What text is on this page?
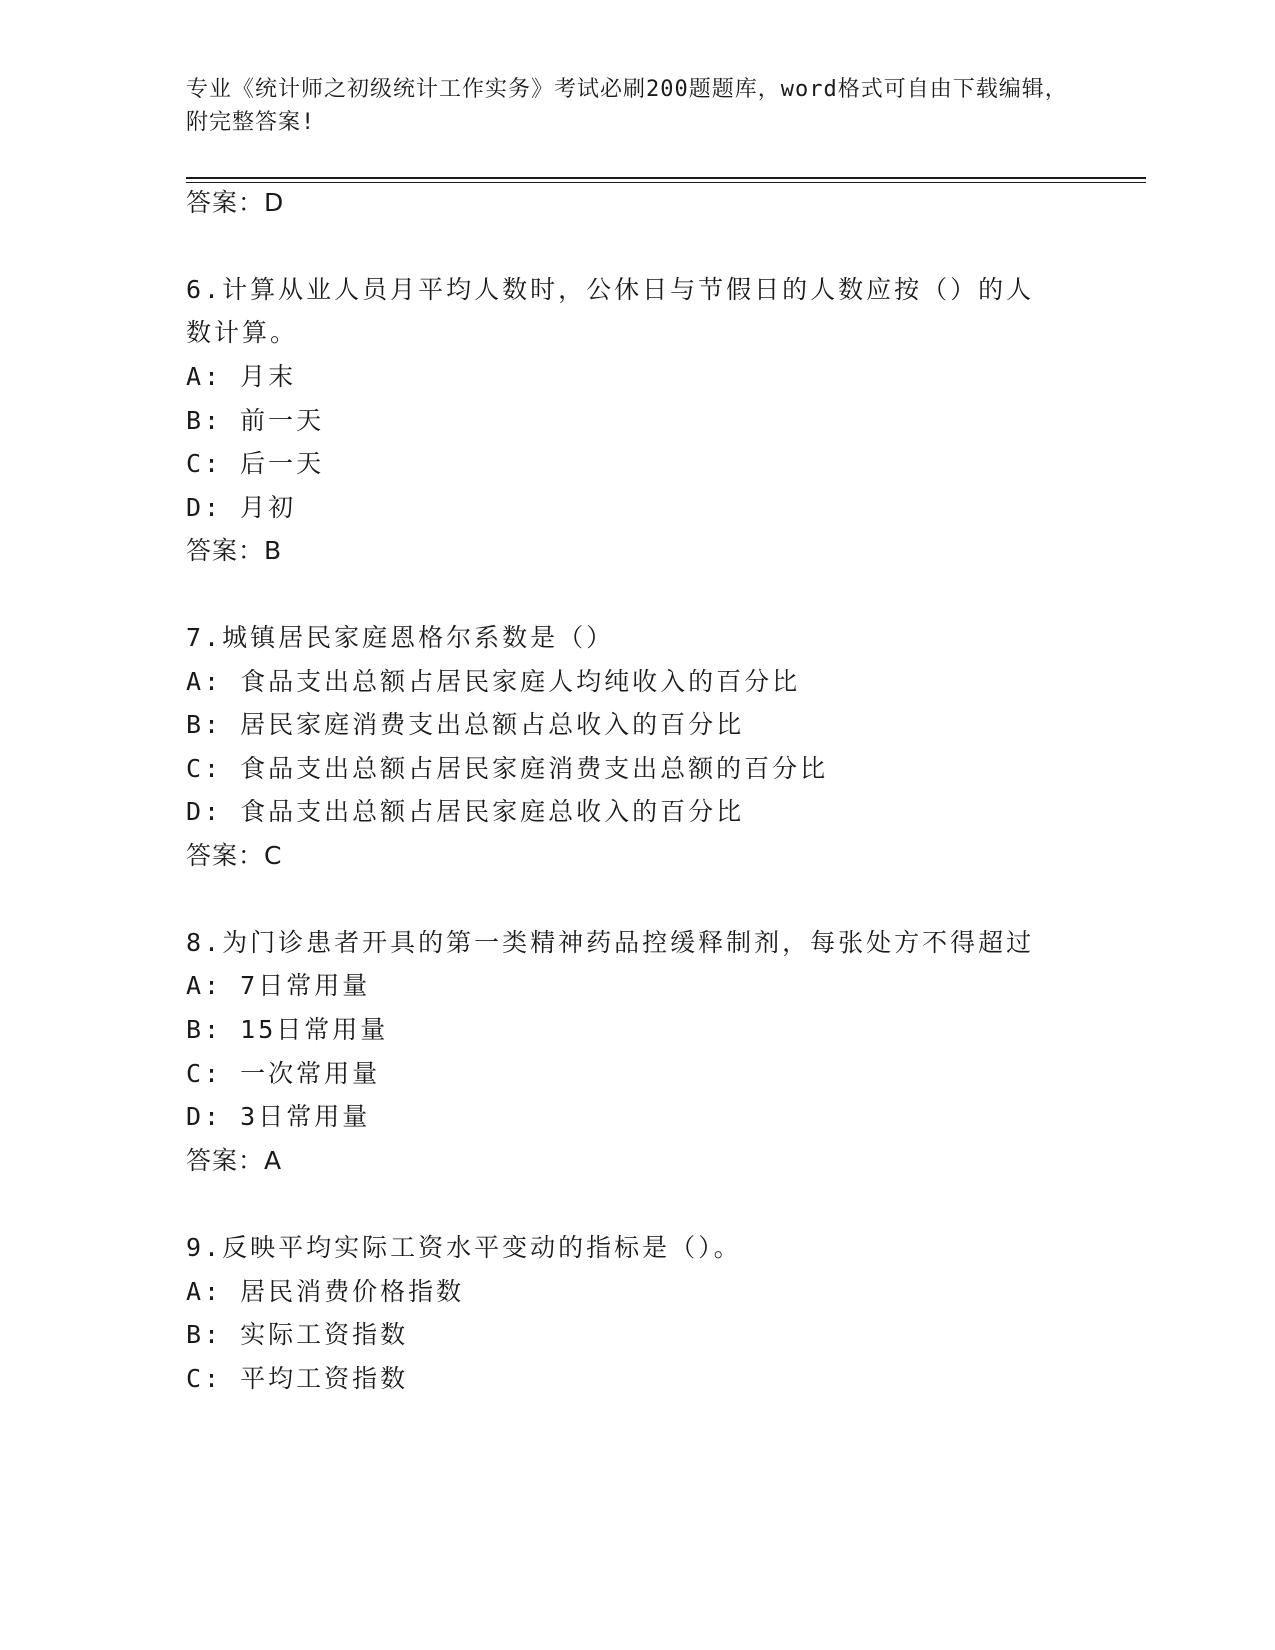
专业《统计师之初级统计工作实务》考试必刷200题题库，word格式可自由下载编辑，附完整答案!
答案：D
6.计算从业人员月平均人数时，公休日与节假日的人数应按（）的人
数计算。
A: 月末
B: 前一天
C: 后一天
D: 月初
答案：B
7.城镇居民家庭恩格尔系数是（）
A: 食品支出总额占居民家庭人均纯收入的百分比
B: 居民家庭消费支出总额占总收入的百分比
C: 食品支出总额占居民家庭消费支出总额的百分比
D: 食品支出总额占居民家庭总收入的百分比
答案：C
8.为门诊患者开具的第一类精神药品控缓释制剂，每张处方不得超过
A: 7日常用量
B: 15日常用量
C: 一次常用量
D: 3日常用量
答案：A
9.反映平均实际工资水平变动的指标是（）。
A: 居民消费价格指数
B: 实际工资指数
C: 平均工资指数
